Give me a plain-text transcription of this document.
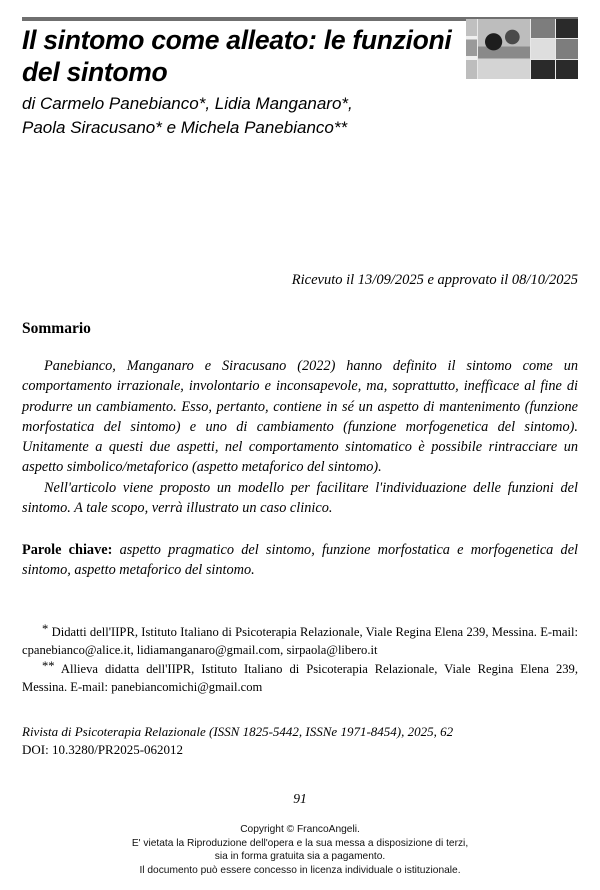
Il sintomo come alleato: le funzioni del sintomo
di Carmelo Panebianco*, Lidia Manganaro*,
Paola Siracusano* e Michela Panebianco**
Ricevuto il 13/09/2025 e approvato il 08/10/2025
Sommario

Panebianco, Manganaro e Siracusano (2022) hanno definito il sintomo come un comportamento irrazionale, involontario e inconsapevole, ma, soprattutto, inefficace al fine di produrre un cambiamento. Esso, pertanto, contiene in sé un aspetto di mantenimento (funzione morfostatica del sintomo) e uno di cambiamento (funzione morfogenetica del sintomo). Unitamente a questi due aspetti, nel comportamento sintomatico è possibile rintracciare un aspetto simbolico/metaforico (aspetto metaforico del sintomo).

Nell'articolo viene proposto un modello per facilitare l'individuazione delle funzioni del sintomo. A tale scopo, verrà illustrato un caso clinico.

Parole chiave: aspetto pragmatico del sintomo, funzione morfostatica e morfogenetica del sintomo, aspetto metaforico del sintomo.

* Didatti dell'IIPR, Istituto Italiano di Psicoterapia Relazionale, Viale Regina Elena 239, Messina. E-mail: cpanebianco@alice.it, lidiamanganaro@gmail.com, sirpaola@libero.it

** Allieva didatta dell'IIPR, Istituto Italiano di Psicoterapia Relazionale, Viale Regina Elena 239, Messina. E-mail: panebiancomichi@gmail.com

Rivista di Psicoterapia Relazionale (ISSN 1825-5442, ISSNe 1971-8454), 2025, 62
DOI: 10.3280/PR2025-062012
91
Copyright © FrancoAngeli.
E' vietata la Riproduzione dell'opera e la sua messa a disposizione di terzi,
sia in forma gratuita sia a pagamento.
Il documento può essere concesso in licenza individuale o istituzionale.
